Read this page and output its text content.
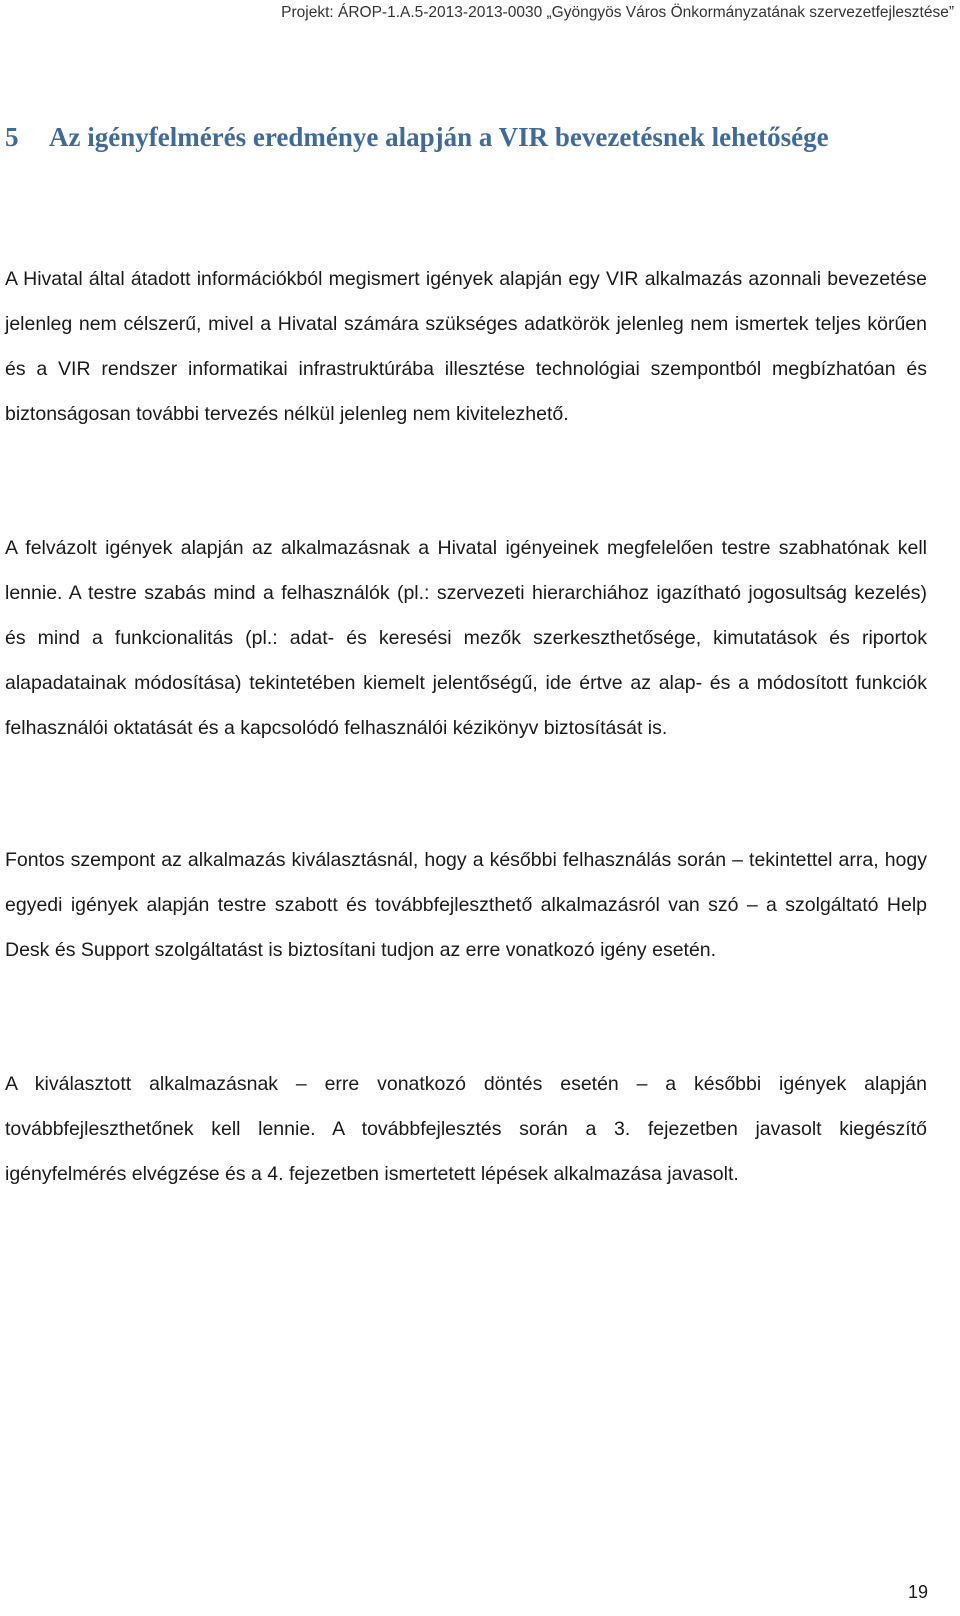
Projekt: ÁROP-1.A.5-2013-2013-0030 „Gyöngyös Város Önkormányzatának szervezetfejlesztése”
5 Az igényfelmérés eredménye alapján a VIR bevezetésnek lehetősége

A Hivatal által átadott információkból megismert igények alapján egy VIR alkalmazás azonnali bevezetése jelenleg nem célszerű, mivel a Hivatal számára szükséges adatkörök jelenleg nem ismertek teljes körűen és a VIR rendszer informatikai infrastruktúrába illesztése technológiai szempontból megbízhatóan és biztonságosan további tervezés nélkül jelenleg nem kivitelezhető.

A felvázolt igények alapján az alkalmazásnak a Hivatal igényeinek megfelelően testre szabhatónak kell lennie. A testre szabás mind a felhasználók (pl.: szervezeti hierarchiához igazítható jogosultság kezelés) és mind a funkcionalitás (pl.: adat- és keresési mezők szerkeszthetősége, kimutatások és riportok alapadatainak módosítása) tekintetében kiemelt jelentőségű, ide értve az alap- és a módosított funkciók felhasználói oktatását és a kapcsolódó felhasználói kézikönyv biztosítását is.

Fontos szempont az alkalmazás kiválasztásnál, hogy a későbbi felhasználás során – tekintettel arra, hogy egyedi igények alapján testre szabott és továbbfejleszthető alkalmazásról van szó – a szolgáltató Help Desk és Support szolgáltatást is biztosítani tudjon az erre vonatkozó igény esetén.

A kiválasztott alkalmazásnak – erre vonatkozó döntés esetén – a későbbi igények alapján továbbfejleszthetőnek kell lennie. A továbbfejlesztés során a 3. fejezetben javasolt kiegészítő igényfelmérés elvégzése és a 4. fejezetben ismertetett lépések alkalmazása javasolt.

19
